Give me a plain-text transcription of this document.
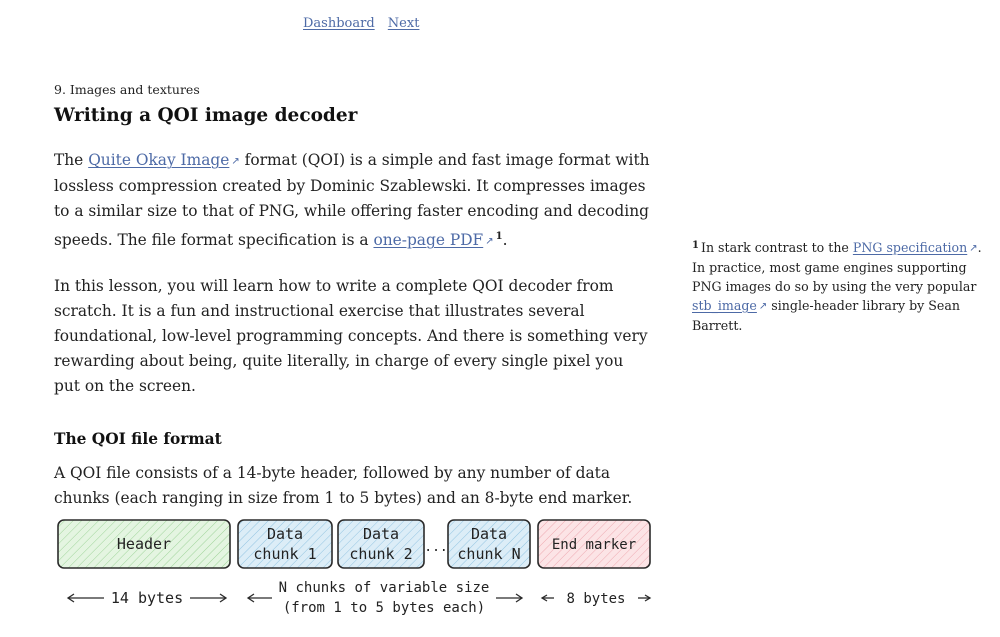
Dashboard Next

9. Images and textures

Writing a QOI image decoder

The Quite Okay Image ↗ format (QOI) is a simple and fast image format with lossless compression created by Dominic Szablewski. It compresses images to a similar size to that of PNG, while offering faster encoding and decoding speeds. The file format specification is a one-page PDF ↗ $^1$.

In this lesson, you will learn how to write a complete QOI decoder from scratch. It is a fun and instructional exercise that illustrates several foundational, low-level programming concepts. And there is something very rewarding about being, quite literally, in charge of every single pixel you put on the screen.

The QOI file format

A QOI file consists of a 14-byte header, followed by any number of data chunks (each ranging in size from 1 to 5 bytes) and an 8-byte end marker.

$^1$ In stark contrast to the PNG specification ↗. In practice, most game engines supporting PNG images do so by using the very popular stb_image ↗ single-header library by Sean Barrett.
Header
Data
chunk 1
Data
chunk 2 ...
Data
chunk N End marker
14 bytes
N chunks of variable size
(from 1 to 5 bytes each)
8 bytes
